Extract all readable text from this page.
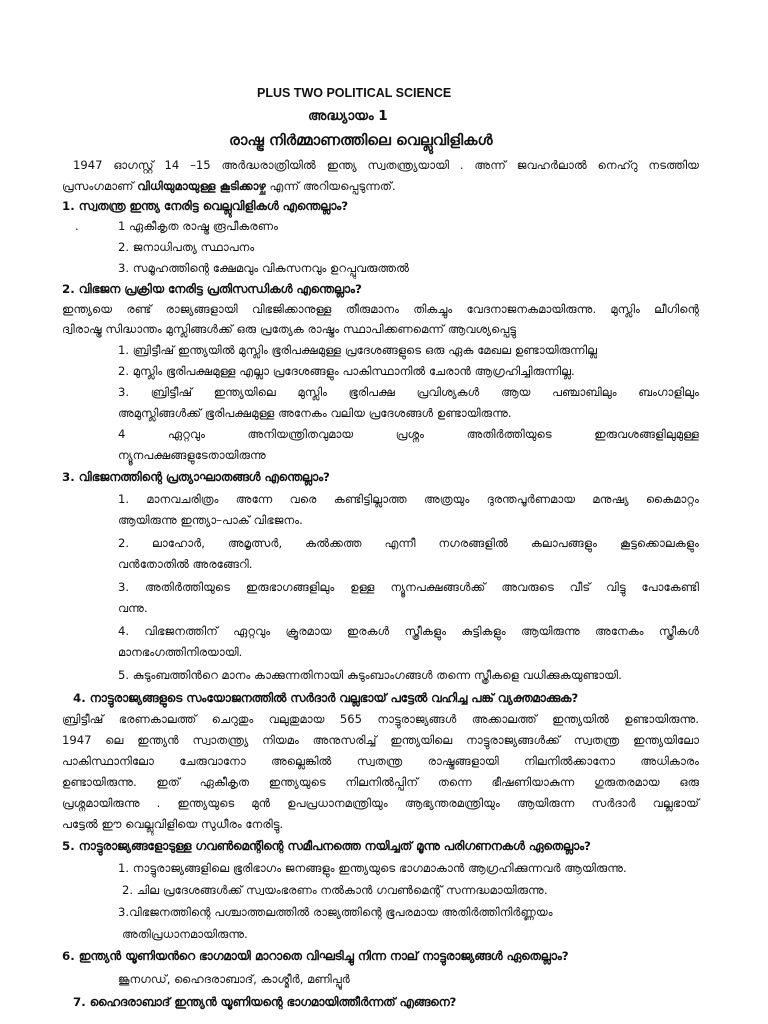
PLUS TWO POLITICAL SCIENCE
അദ്ധ്യായം 1
രാഷ്ട്ര നിർമ്മാണത്തിലെ വെല്ലുവിളികൾ
1947 ഓഗസ്റ്റ് 14 –15 അർദ്ധരാത്രിയിൽ ഇന്ത്യ സ്വതന്ത്ര്യയായി . അന്ന് ജവഹർലാൽ നെഹ്റു നടത്തിയ
പ്രസംഗമാണ് വിധിയുമായുള്ള കൂടിക്കാഴ്ച എന്ന് അറിയപ്പെടുന്നത്.
1. സ്വതന്ത്ര ഇന്ത്യ നേരിട്ട വെല്ലുവിളികൾ എന്തെല്ലാം?
.	1 ഏകീകൃത രാഷ്ട്ര രൂപീകരണം
2. ജനാധിപത്യ സ്ഥാപനം
3. സമൂഹത്തിന്റെ ക്ഷേമവും വികസനവും ഉറപ്പുവരുത്തൽ
2. വിഭജന പ്രക്രിയ നേരിട്ട പ്രതിസന്ധികൾ എന്തെല്ലാം?
ഇന്ത്യയെ രണ്ട് രാജ്യങ്ങളായി വിഭജിക്കാനുള്ള തീരുമാനം തികച്ചും വേദനാജനകമായിരുന്നു. മുസ്ലിം ലീഗിന്റെ
ദ്വിരാഷ്ട്ര സിദ്ധാന്തം മുസ്ലിങ്ങൾക്ക് ഒരു പ്രത്യേക രാഷ്ട്രം സ്ഥാപിക്കണമെന്ന് ആവശ്യപ്പെട്ടു
1. ബ്രിട്ടീഷ് ഇന്ത്യയിൽ മുസ്ലിം ഭൂരിപക്ഷമുള്ള പ്രദേശങ്ങളുടെ ഒരു ഏക മേഖല ഉണ്ടായിരുന്നില്ല
2. മുസ്ലിം ഭൂരിപക്ഷമുള്ള എല്ലാ പ്രദേശങ്ങളും പാകിസ്ഥാനിൽ ചേരാൻ ആഗ്രഹിച്ചിരുന്നില്ല.
3. ബ്രിട്ടീഷ് ഇന്ത്യയിലെ മുസ്ലിം ഭൂരിപക്ഷ പ്രവിശ്യകൾ ആയ പഞ്ചാബിലും ബംഗാളിലും
അമുസ്ലിങ്ങൾക്ക് ഭൂരിപക്ഷമുള്ള അനേകം വലിയ പ്രദേശങ്ങൾ ഉണ്ടായിരുന്നു.
4 ഏറ്റവും അനിയന്ത്രിതവുമായ പ്രശ്നം അതിർത്തിയുടെ ഇരുവശങ്ങളിലുമുള്ള
ന്യൂനപക്ഷങ്ങളുടേതായിരുന്നു
3. വിഭജനത്തിന്റെ പ്രത്യാഘാതങ്ങൾ എന്തെല്ലാം?
1. മാനവചരിത്രം അന്നേ വരെ കണ്ടിട്ടില്ലാത്ത അത്രയും ദുരന്തപൂർണമായ മനുഷ്യ കൈമാറ്റം
ആയിരുന്നു ഇന്ത്യാ–പാക് വിഭജനം.
2. ലാഹോർ, അമൃത്സർ, കൽക്കത്ത എന്നീ നഗരങ്ങളിൽ കലാപങ്ങളും കൂട്ടക്കൊലകളും
വൻതോതിൽ അരങ്ങേറി.
3. അതിർത്തിയുടെ ഇരുഭാഗങ്ങളിലും ഉള്ള ന്യൂനപക്ഷങ്ങൾക്ക് അവരുടെ വീട് വിട്ടു പോകേണ്ടി
വന്നു.
4. വിഭജനത്തിന് ഏറ്റവും ക്രൂരമായ ഇരകൾ സ്ത്രീകളും കുട്ടികളും ആയിരുന്നു അനേകം സ്ത്രീകൾ
മാനഭംഗത്തിനിരയായി.
5. കുടുംബത്തിൻറെ മാനം കാക്കുന്നതിനായി കുടുംബാംഗങ്ങൾ തന്നെ സ്ത്രീകളെ വധിക്കുകയുണ്ടായി.
4. നാട്ടുരാജ്യങ്ങളുടെ സംയോജനത്തിൽ സർദാർ വല്ലഭായ് പട്ടേൽ വഹിച്ച പങ്ക് വ്യക്തമാക്കുക?
ബ്രിട്ടീഷ് ഭരണകാലത്ത് ചെറുതും വലുതുമായ 565 നാട്ടുരാജ്യങ്ങൾ അക്കാലത്ത് ഇന്ത്യയിൽ ഉണ്ടായിരുന്നു.
1947 ലെ ഇന്ത്യൻ സ്വാതന്ത്ര്യ നിയമം അനുസരിച്ച് ഇന്ത്യയിലെ നാട്ടുരാജ്യങ്ങൾക്ക് സ്വതന്ത്ര ഇന്ത്യയിലോ
പാകിസ്ഥാനിലോ ചേരുവാനോ അല്ലെങ്കിൽ സ്വതന്ത്ര രാഷ്ട്രങ്ങളായി നിലനിൽക്കാനോ അധികാരം
ഉണ്ടായിരുന്നു. ഇത് ഏകീകൃത ഇന്ത്യയുടെ നിലനിൽപ്പിന് തന്നെ ഭീഷണിയാകുന്ന ഗുരുതരമായ ഒരു
പ്രശ്നമായിരുന്നു . ഇന്ത്യയുടെ മുൻ ഉപപ്രധാനമന്ത്രിയും ആഭ്യന്തരമന്ത്രിയും ആയിരുന്ന സർദാർ വല്ലഭായ്
പട്ടേൽ ഈ വെല്ലുവിളിയെ സുധീരം നേരിട്ടു.
5. നാട്ടുരാജ്യങ്ങളോടുള്ള ഗവൺമെന്റിന്റെ സമീപനത്തെ നയിച്ചത് മൂന്നു പരിഗണനകൾ ഏതെല്ലാം?
1. നാട്ടുരാജ്യങ്ങളിലെ ഭൂരിഭാഗം ജനങ്ങളും ഇന്ത്യയുടെ ഭാഗമാകാൻ ആഗ്രഹിക്കുന്നവർ ആയിരുന്നു.
2. ചില പ്രദേശങ്ങൾക്ക് സ്വയംഭരണം നൽകാൻ ഗവൺമെന്റ് സന്നദ്ധമായിരുന്നു.
3.വിഭജനത്തിന്റെ പശ്ചാത്തലത്തിൽ രാജ്യത്തിന്റെ ഭൂപരമായ അതിർത്തിനിർണ്ണയം
അതിപ്രധാനമായിരുന്നു.
6. ഇന്ത്യൻ യൂണിയൻറെ ഭാഗമായി മാറാതെ വിഘടിച്ചു നിന്ന നാല് നാട്ടുരാജ്യങ്ങൾ ഏതെല്ലാം?
ജൂനഗഡ്, ഹൈദരാബാദ്, കാശ്മീർ, മണിപ്പൂർ
7. ഹൈദരാബാദ് ഇന്ത്യൻ യൂണിയന്റെ ഭാഗമായിത്തീർന്നത് എങ്ങനെ?
